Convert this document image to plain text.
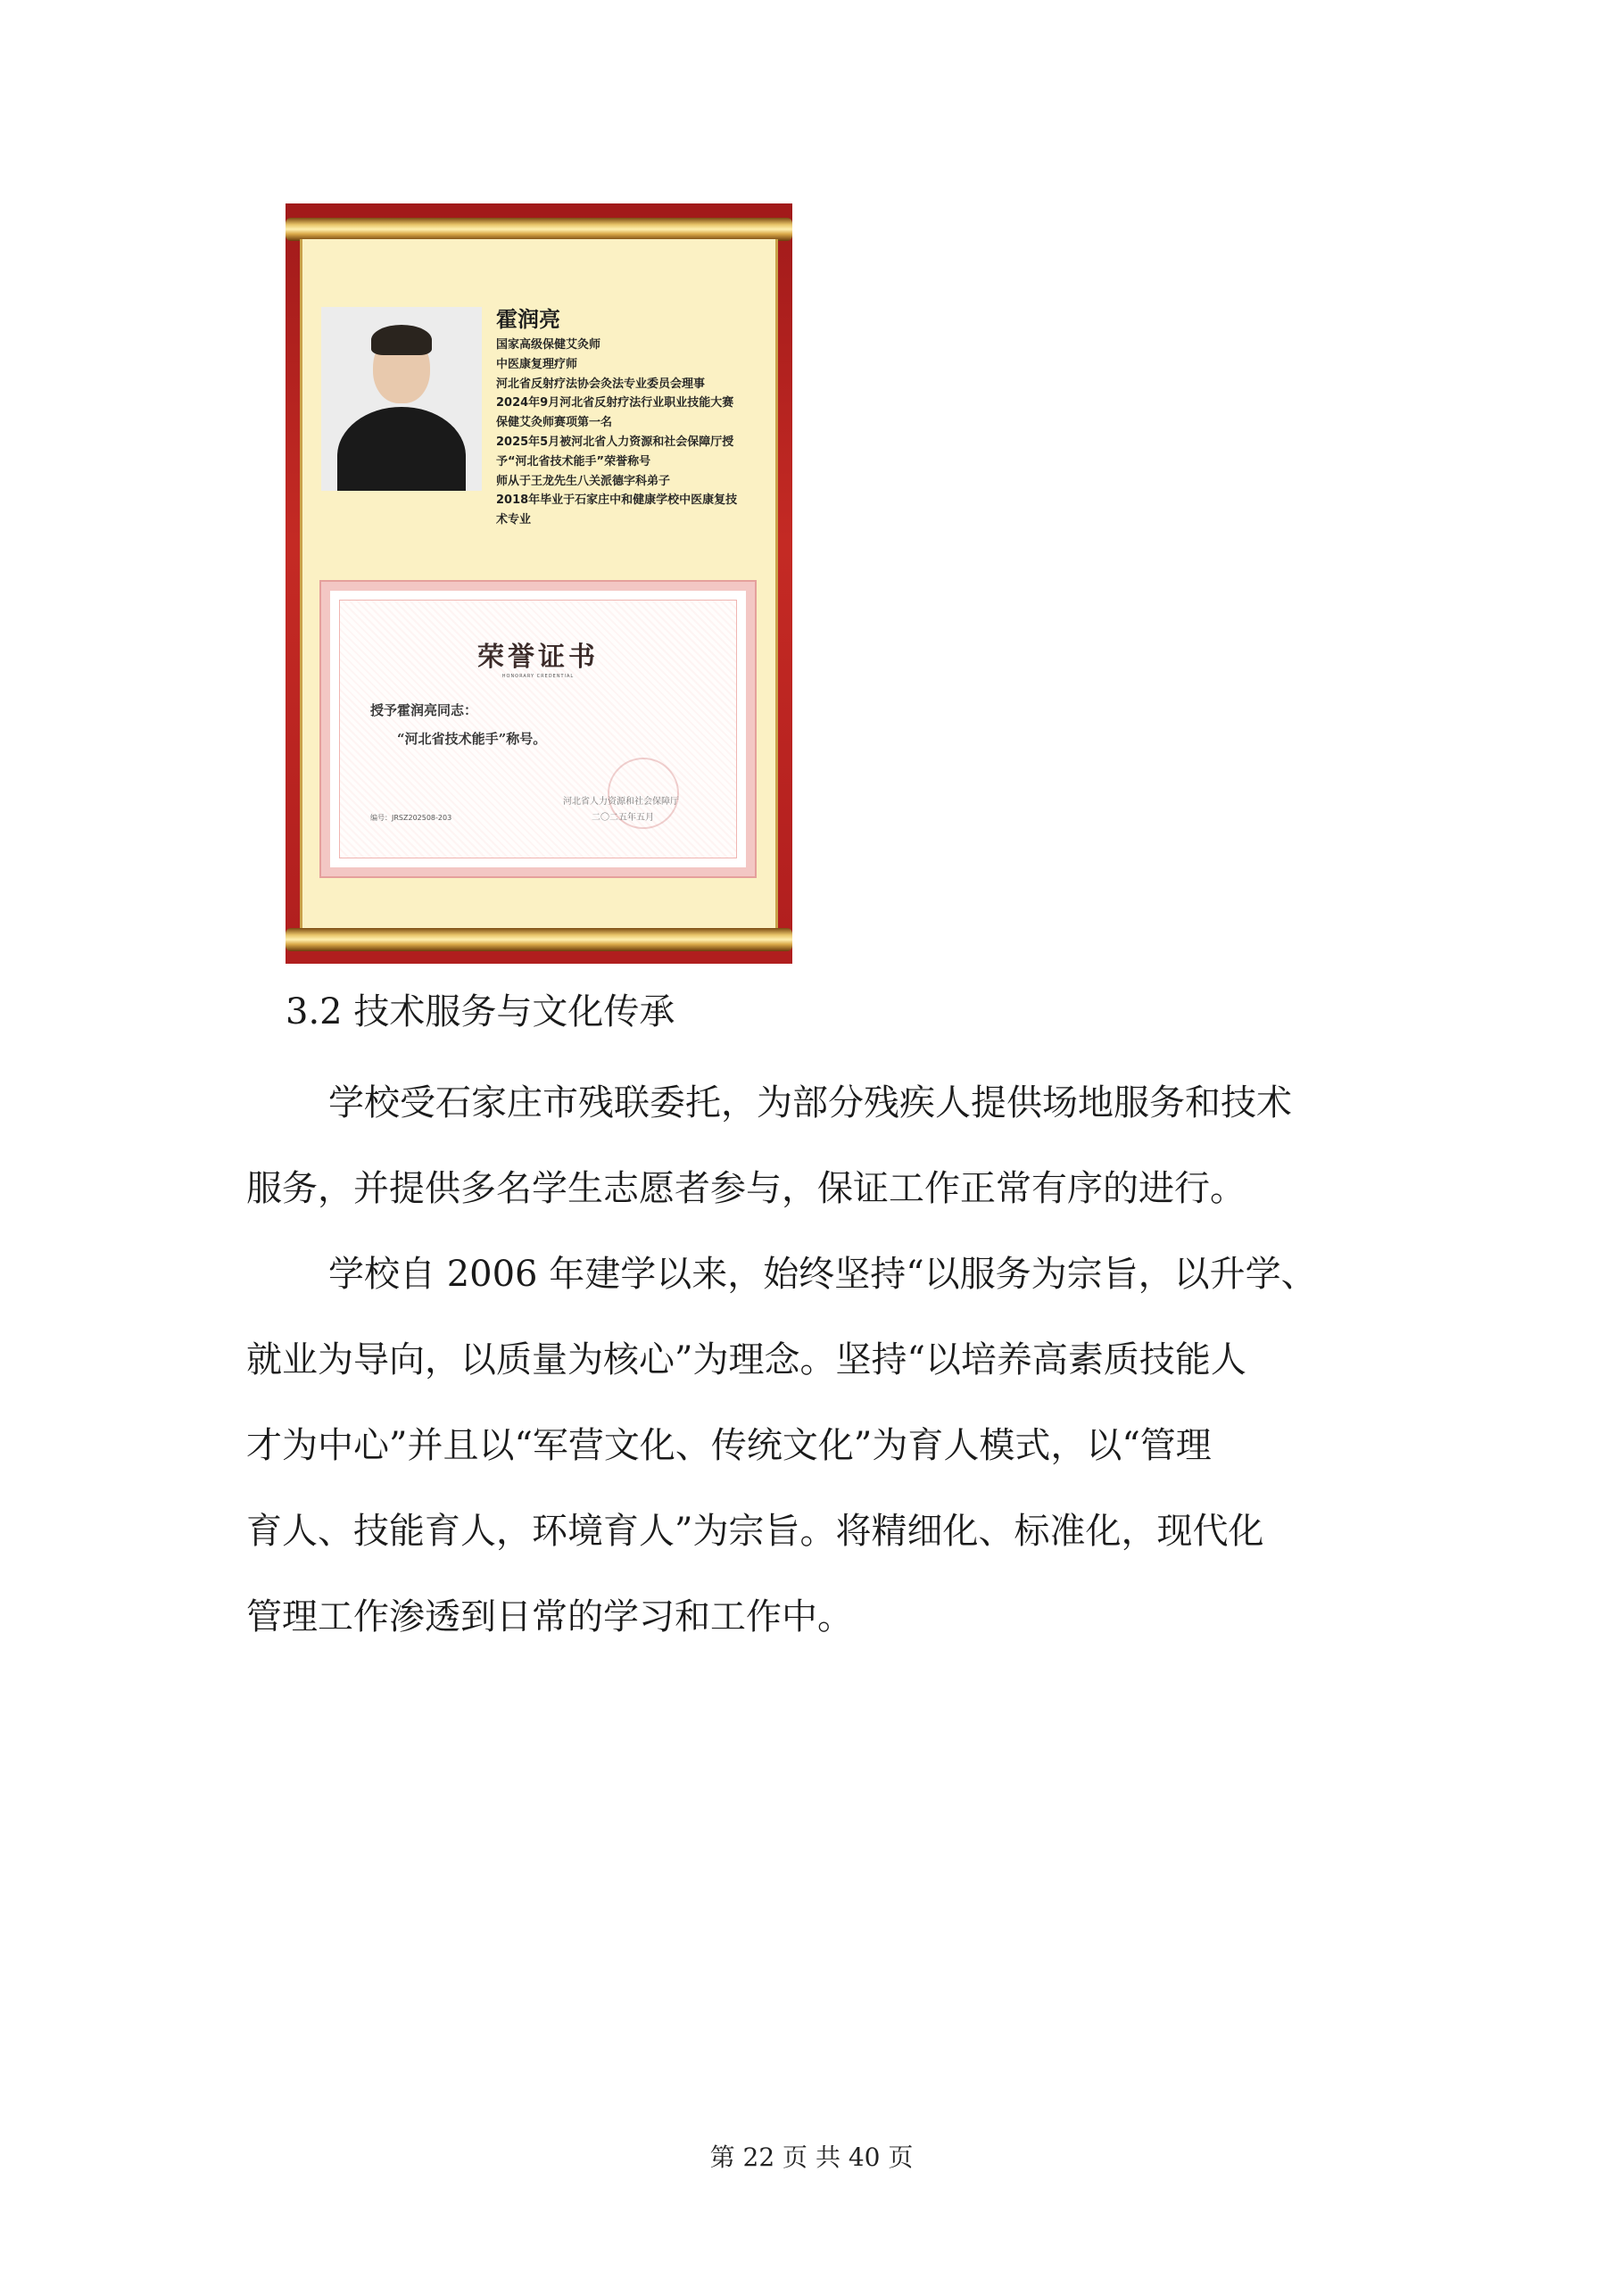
霍润亮
国家高级保健艾灸师
中医康复理疗师
河北省反射疗法协会灸法专业委员会理事
2024年9月河北省反射疗法行业职业技能大赛
保健艾灸师赛项第一名
2025年5月被河北省人力资源和社会保障厅授
予“河北省技术能手”荣誉称号
师从于王龙先生八关派德字科弟子
2018年毕业于石家庄中和健康学校中医康复技
术专业
荣誉证书
HONORARY CREDENTIAL
授予霍润亮同志：
“河北省技术能手”称号。
编号：JRSZ202508-203
河北省人力资源和社会保障厅
二〇二五年五月
3.2 技术服务与文化传承
学校受石家庄市残联委托，为部分残疾人提供场地服务和技术
服务，并提供多名学生志愿者参与，保证工作正常有序的进行。
学校自 2006 年建学以来，始终坚持“以服务为宗旨，以升学、
就业为导向，以质量为核心”为理念。坚持“以培养高素质技能人
才为中心”并且以“军营文化、传统文化”为育人模式，以“管理
育人、技能育人，环境育人”为宗旨。将精细化、标准化，现代化
管理工作渗透到日常的学习和工作中。
第 22 页 共 40 页
